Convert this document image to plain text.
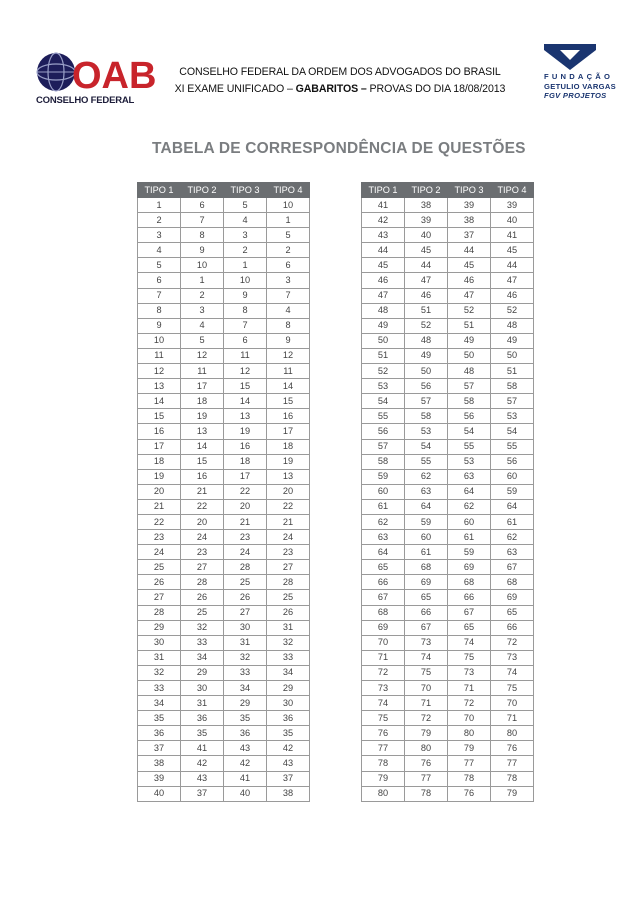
OAB
CONSELHO FEDERAL
CONSELHO FEDERAL DA ORDEM DOS ADVOGADOS DO BRASIL
XI EXAME UNIFICADO – GABARITOS – PROVAS DO DIA 18/08/2013
FUNDAÇÃO
GETULIO VARGAS
FGV PROJETOS
TABELA DE CORRESPONDÊNCIA DE QUESTÕES
TIPO 1	TIPO 2	TIPO 3	TIPO 4
1	6	5	10
2	7	4	1
3	8	3	5
4	9	2	2
5	10	1	6
6	1	10	3
7	2	9	7
8	3	8	4
9	4	7	8
10	5	6	9
11	12	11	12
12	11	12	11
13	17	15	14
14	18	14	15
15	19	13	16
16	13	19	17
17	14	16	18
18	15	18	19
19	16	17	13
20	21	22	20
21	22	20	22
22	20	21	21
23	24	23	24
24	23	24	23
25	27	28	27
26	28	25	28
27	26	26	25
28	25	27	26
29	32	30	31
30	33	31	32
31	34	32	33
32	29	33	34
33	30	34	29
34	31	29	30
35	36	35	36
36	35	36	35
37	41	43	42
38	42	42	43
39	43	41	37
40	37	40	38
TIPO 1	TIPO 2	TIPO 3	TIPO 4
41	38	39	39
42	39	38	40
43	40	37	41
44	45	44	45
45	44	45	44
46	47	46	47
47	46	47	46
48	51	52	52
49	52	51	48
50	48	49	49
51	49	50	50
52	50	48	51
53	56	57	58
54	57	58	57
55	58	56	53
56	53	54	54
57	54	55	55
58	55	53	56
59	62	63	60
60	63	64	59
61	64	62	64
62	59	60	61
63	60	61	62
64	61	59	63
65	68	69	67
66	69	68	68
67	65	66	69
68	66	67	65
69	67	65	66
70	73	74	72
71	74	75	73
72	75	73	74
73	70	71	75
74	71	72	70
75	72	70	71
76	79	80	80
77	80	79	76
78	76	77	77
79	77	78	78
80	78	76	79
